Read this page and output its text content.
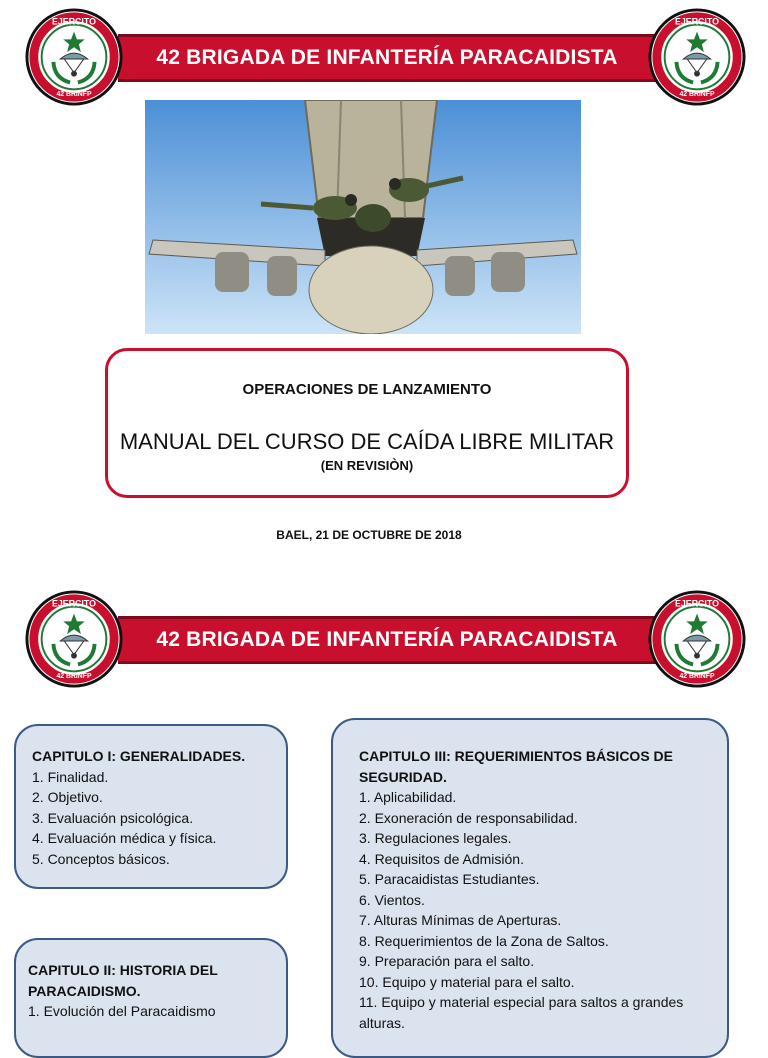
42 BRIGADA DE INFANTERÍA PARACAIDISTA
EJERCITO
42 BRINFP
EJERCITO
42 BRINFP
OPERACIONES DE LANZAMIENTO
MANUAL DEL CURSO DE CAÍDA LIBRE MILITAR
(EN REVISIÒN)
BAEL, 21 DE OCTUBRE DE 2018
42 BRIGADA DE INFANTERÍA PARACAIDISTA
EJERCITO
42 BRINFP
EJERCITO
42 BRINFP
CAPITULO I: GENERALIDADES.
1. Finalidad.
2. Objetivo.
3. Evaluación psicológica.
4. Evaluación médica y física.
5. Conceptos básicos.
CAPITULO II: HISTORIA DEL PARACAIDISMO.
1. Evolución del Paracaidismo
CAPITULO III: REQUERIMIENTOS BÁSICOS DE SEGURIDAD.
1. Aplicabilidad.
2. Exoneración de responsabilidad.
3. Regulaciones legales.
4. Requisitos de Admisión.
5. Paracaidistas Estudiantes.
6. Vientos.
7. Alturas Mínimas de Aperturas.
8. Requerimientos de la Zona de Saltos.
9. Preparación para el salto.
10. Equipo y material para el salto.
11. Equipo y material especial para saltos a grandes alturas.
